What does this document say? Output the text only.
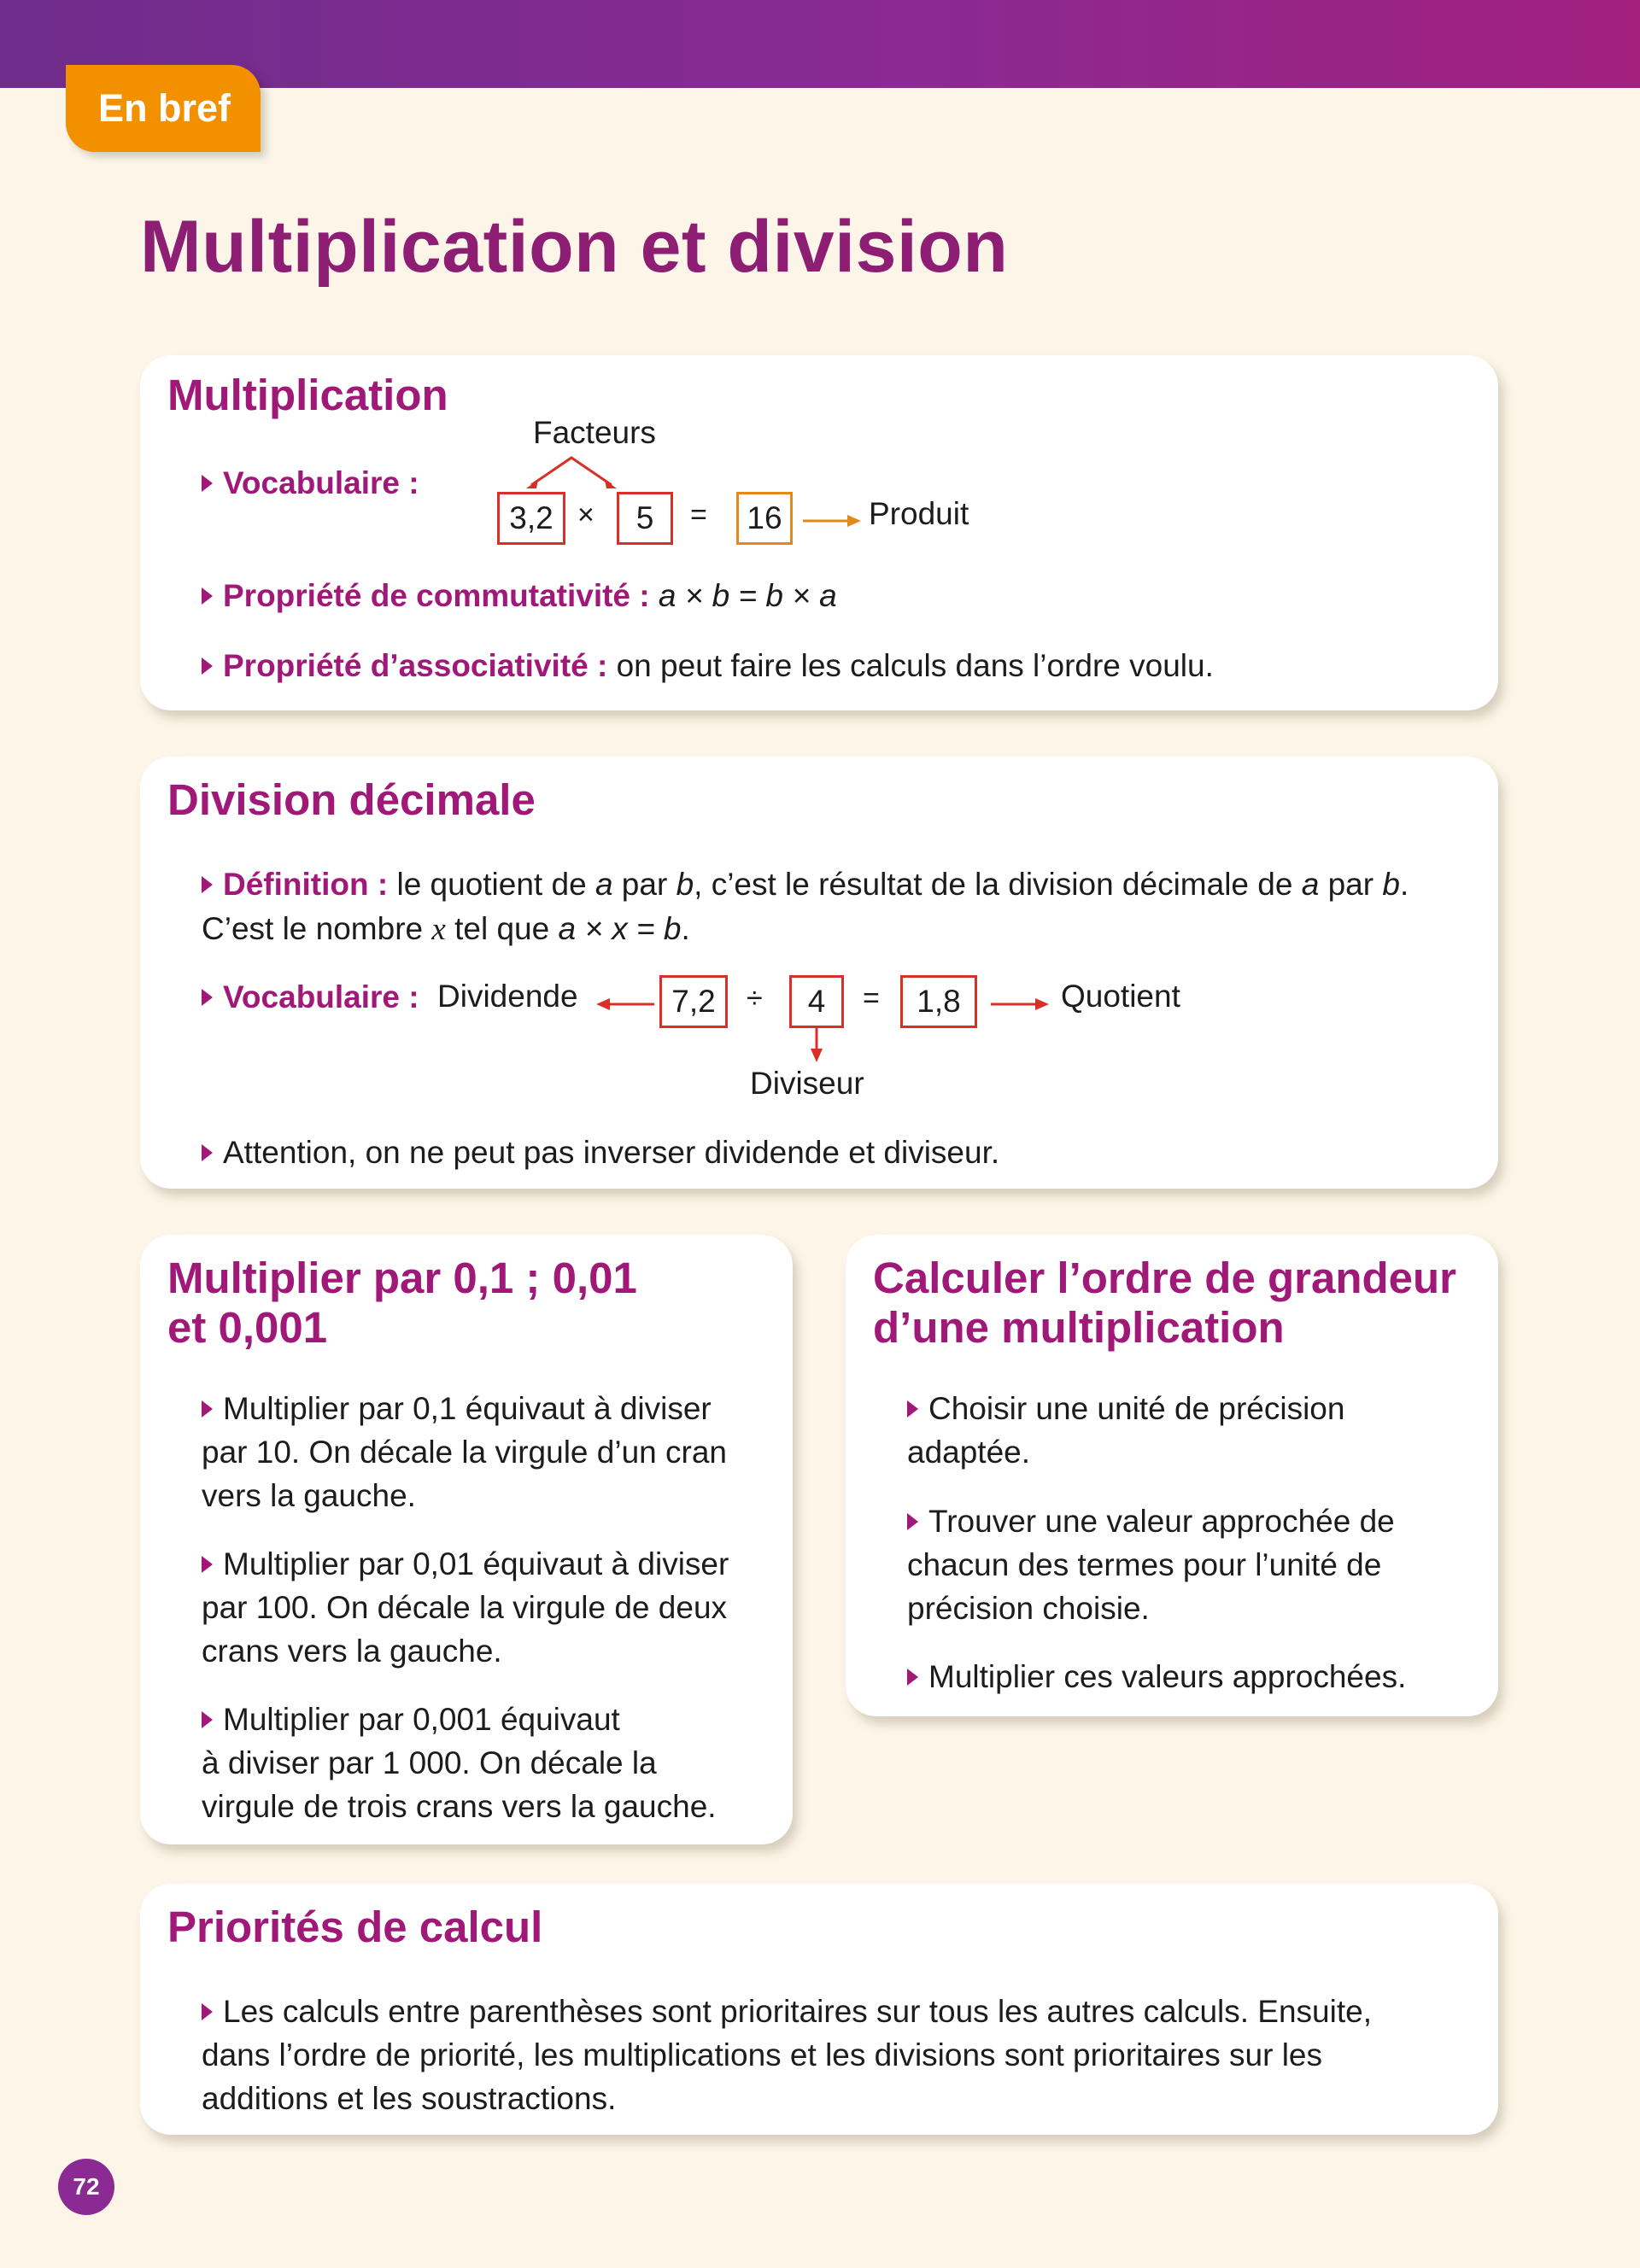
En bref
Multiplication et division
Multiplication
Facteurs
Vocabulaire :
3,2 ×	5	=	16	Produit
Propriété de commutativité : a × b = b × a
Propriété d’associativité : on peut faire les calculs dans l’ordre voulu.
Division décimale
Définition : le quotient de a par b, c’est le résultat de la division décimale de a par b.
C’est le nombre x tel que a × x = b.
Vocabulaire : Dividende	7,2	÷	4	=	1,8	Quotient
Diviseur
Attention, on ne peut pas inverser dividende et diviseur.
Multiplier par 0,1 ; 0,01
et 0,001
Multiplier par 0,1 équivaut à diviser
par 10. On décale la virgule d’un cran
vers la gauche.
Multiplier par 0,01 équivaut à diviser
par 100. On décale la virgule de deux
crans vers la gauche.
Multiplier par 0,001 équivaut
à diviser par 1 000. On décale la
virgule de trois crans vers la gauche.
Calculer l’ordre de grandeur
d’une multiplication
Choisir une unité de précision
adaptée.
Trouver une valeur approchée de
chacun des termes pour l’unité de
précision choisie.
Multiplier ces valeurs approchées.
Priorités de calcul
Les calculs entre parenthèses sont prioritaires sur tous les autres calculs. Ensuite,
dans l’ordre de priorité, les multiplications et les divisions sont prioritaires sur les
additions et les soustractions.
72
